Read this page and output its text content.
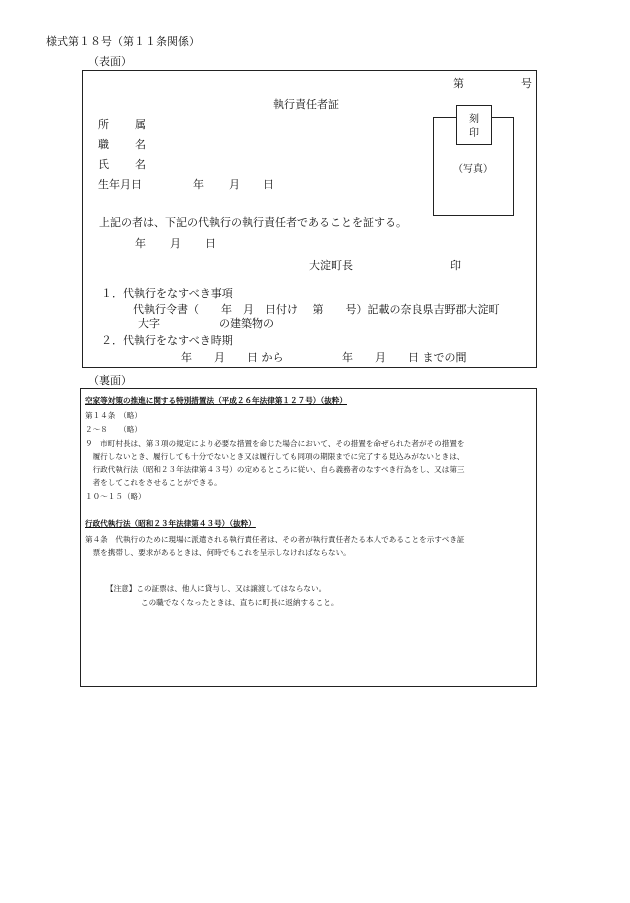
様式第１８号（第１１条関係）
（表面）
第	号
執行責任者証
所 属
職 名
氏 名
生年月日	年 月 日
刻
印
（写真）
上記の者は、下記の代執行の執行責任者であることを証する。
年 月 日
大淀町長	印
１．代執行をなすべき事項
代執行令書（　　年　月　日付け　 第　　号）記載の奈良県吉野郡大淀町
大字	の建築物の
２．代執行をなすべき時期
年　　月　　日 から　　　　　 年　　月　　日 までの間
（裏面）
空家等対策の推進に関する特別措置法（平成２６年法律第１２７号）（抜粋）
第１４条　（略）
２～８　　（略）
９　市町村長は、第３項の規定により必要な措置を命じた場合において、その措置を命ぜられた者がその措置を
　履行しないとき、履行しても十分でないとき又は履行しても同項の期限までに完了する見込みがないときは、
　行政代執行法（昭和２３年法律第４３号）の定めるところに従い、自ら義務者のなすべき行為をし、又は第三
　者をしてこれをさせることができる。
１０～１５（略）
行政代執行法（昭和２３年法律第４３号）（抜粋）
第４条　代執行のために現場に派遣される執行責任者は、その者が執行責任者たる本人であることを示すべき証
　票を携帯し、要求があるときは、何時でもこれを呈示しなければならない。
【注意】この証票は、他人に貸与し、又は譲渡してはならない。
この職でなくなったときは、直ちに町長に返納すること。
